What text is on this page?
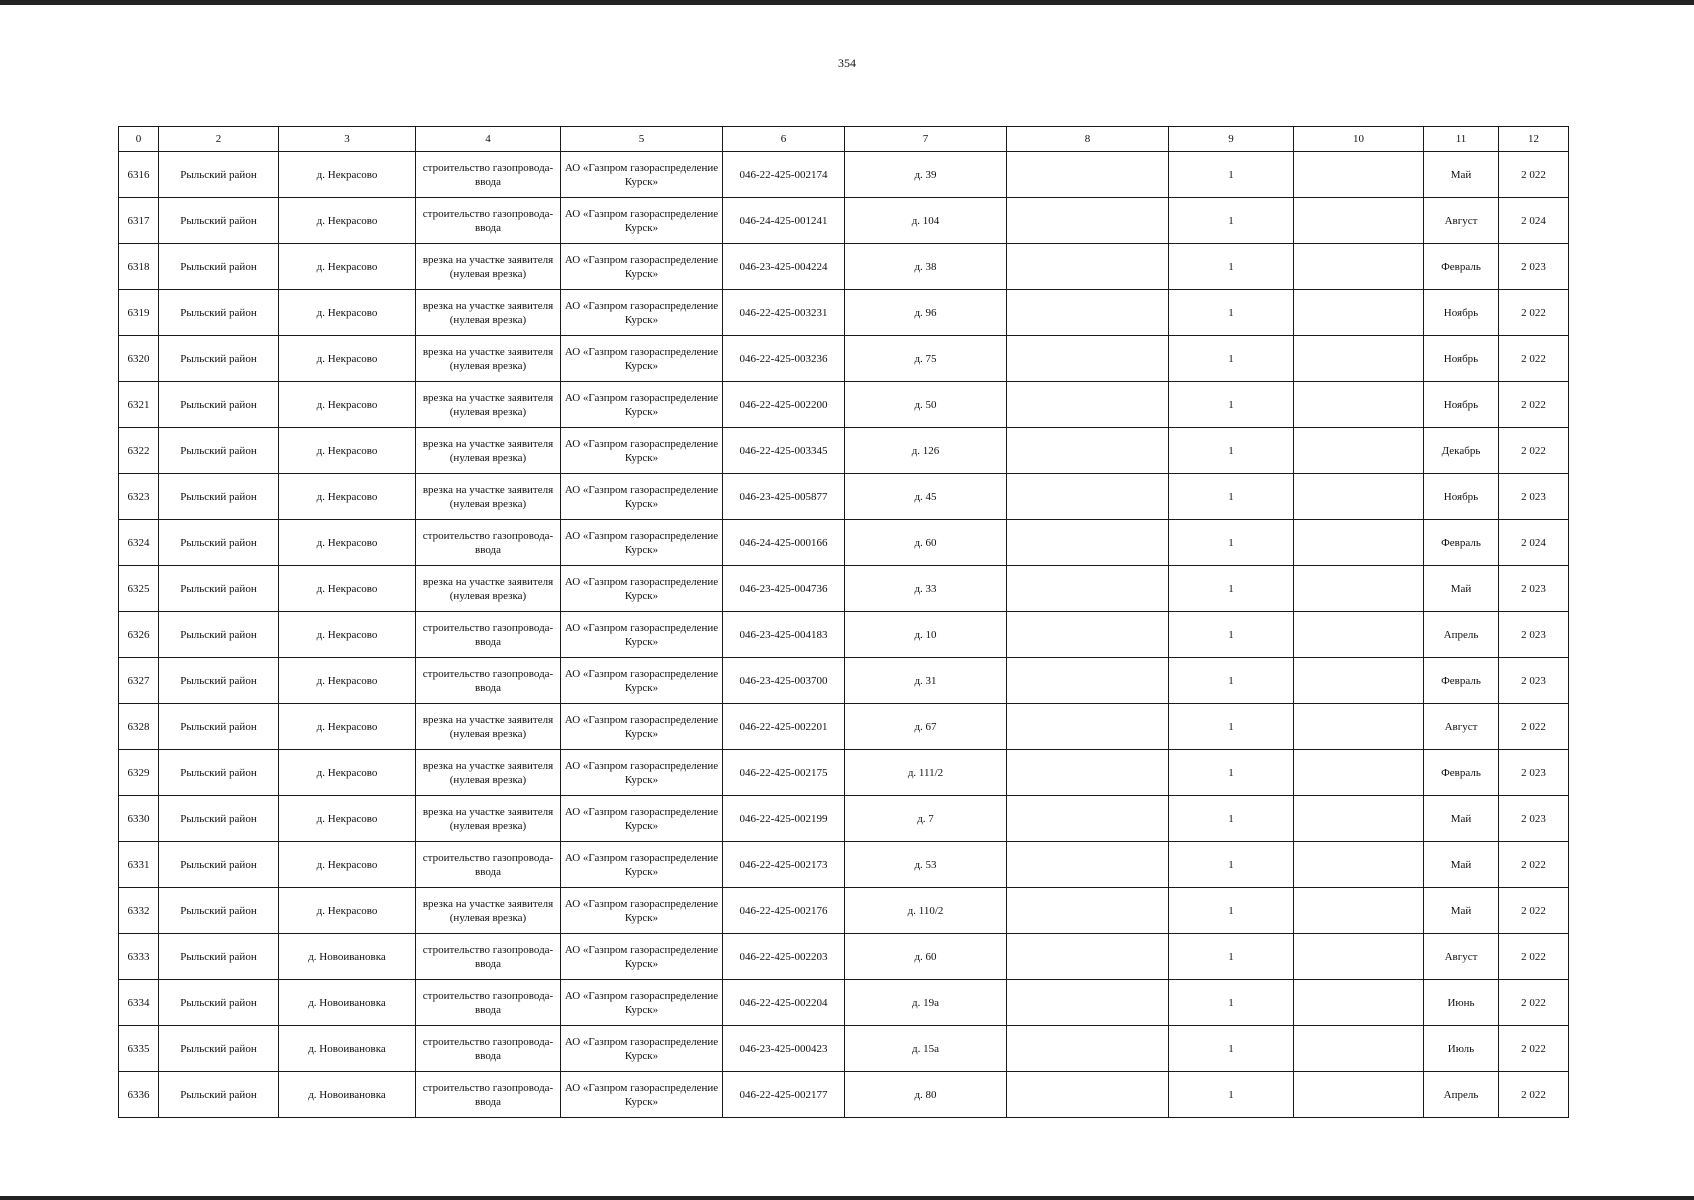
354
0	2	3	4	5	6	7	8	9	10	11	12
6316	Рыльский район	д. Некрасово	строительство газопровода-ввода	АО «Газпром газораспределение Курск»	046-22-425-002174	д. 39		1		Май	2 022
6317	Рыльский район	д. Некрасово	строительство газопровода-ввода	АО «Газпром газораспределение Курск»	046-24-425-001241	д. 104		1		Август	2 024
6318	Рыльский район	д. Некрасово	врезка на участке заявителя (нулевая врезка)	АО «Газпром газораспределение Курск»	046-23-425-004224	д. 38		1		Февраль	2 023
6319	Рыльский район	д. Некрасово	врезка на участке заявителя (нулевая врезка)	АО «Газпром газораспределение Курск»	046-22-425-003231	д. 96		1		Ноябрь	2 022
6320	Рыльский район	д. Некрасово	врезка на участке заявителя (нулевая врезка)	АО «Газпром газораспределение Курск»	046-22-425-003236	д. 75		1		Ноябрь	2 022
6321	Рыльский район	д. Некрасово	врезка на участке заявителя (нулевая врезка)	АО «Газпром газораспределение Курск»	046-22-425-002200	д. 50		1		Ноябрь	2 022
6322	Рыльский район	д. Некрасово	врезка на участке заявителя (нулевая врезка)	АО «Газпром газораспределение Курск»	046-22-425-003345	д. 126		1		Декабрь	2 022
6323	Рыльский район	д. Некрасово	врезка на участке заявителя (нулевая врезка)	АО «Газпром газораспределение Курск»	046-23-425-005877	д. 45		1		Ноябрь	2 023
6324	Рыльский район	д. Некрасово	строительство газопровода-ввода	АО «Газпром газораспределение Курск»	046-24-425-000166	д. 60		1		Февраль	2 024
6325	Рыльский район	д. Некрасово	врезка на участке заявителя (нулевая врезка)	АО «Газпром газораспределение Курск»	046-23-425-004736	д. 33		1		Май	2 023
6326	Рыльский район	д. Некрасово	строительство газопровода-ввода	АО «Газпром газораспределение Курск»	046-23-425-004183	д. 10		1		Апрель	2 023
6327	Рыльский район	д. Некрасово	строительство газопровода-ввода	АО «Газпром газораспределение Курск»	046-23-425-003700	д. 31		1		Февраль	2 023
6328	Рыльский район	д. Некрасово	врезка на участке заявителя (нулевая врезка)	АО «Газпром газораспределение Курск»	046-22-425-002201	д. 67		1		Август	2 022
6329	Рыльский район	д. Некрасово	врезка на участке заявителя (нулевая врезка)	АО «Газпром газораспределение Курск»	046-22-425-002175	д. 111/2		1		Февраль	2 023
6330	Рыльский район	д. Некрасово	врезка на участке заявителя (нулевая врезка)	АО «Газпром газораспределение Курск»	046-22-425-002199	д. 7		1		Май	2 023
6331	Рыльский район	д. Некрасово	строительство газопровода-ввода	АО «Газпром газораспределение Курск»	046-22-425-002173	д. 53		1		Май	2 022
6332	Рыльский район	д. Некрасово	врезка на участке заявителя (нулевая врезка)	АО «Газпром газораспределение Курск»	046-22-425-002176	д. 110/2		1		Май	2 022
6333	Рыльский район	д. Новоивановка	строительство газопровода-ввода	АО «Газпром газораспределение Курск»	046-22-425-002203	д. 60		1		Август	2 022
6334	Рыльский район	д. Новоивановка	строительство газопровода-ввода	АО «Газпром газораспределение Курск»	046-22-425-002204	д. 19а		1		Июнь	2 022
6335	Рыльский район	д. Новоивановка	строительство газопровода-ввода	АО «Газпром газораспределение Курск»	046-23-425-000423	д. 15а		1		Июль	2 022
6336	Рыльский район	д. Новоивановка	строительство газопровода-ввода	АО «Газпром газораспределение Курск»	046-22-425-002177	д. 80		1		Апрель	2 022
